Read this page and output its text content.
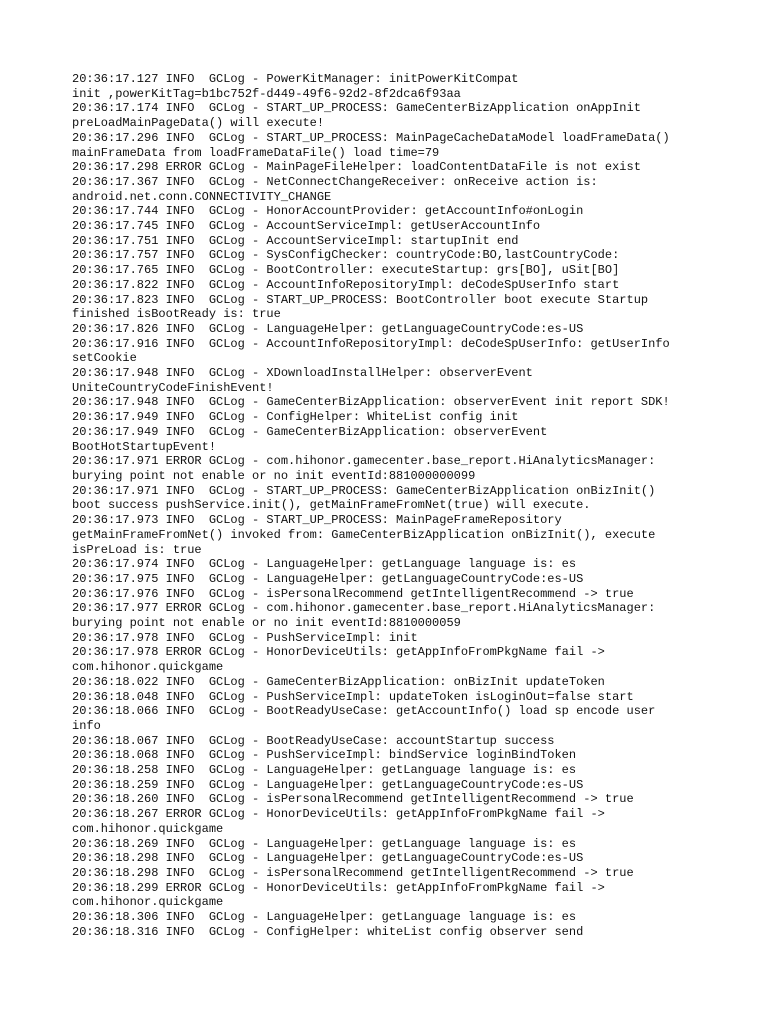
20:36:17.127 INFO  GCLog - PowerKitManager: initPowerKitCompat
init ,powerKitTag=b1bc752f-d449-49f6-92d2-8f2dca6f93aa
20:36:17.174 INFO  GCLog - START_UP_PROCESS: GameCenterBizApplication onAppInit
preLoadMainPageData() will execute!
20:36:17.296 INFO  GCLog - START_UP_PROCESS: MainPageCacheDataModel loadFrameData()
mainFrameData from loadFrameDataFile() load time=79
20:36:17.298 ERROR GCLog - MainPageFileHelper: loadContentDataFile is not exist
20:36:17.367 INFO  GCLog - NetConnectChangeReceiver: onReceive action is:
android.net.conn.CONNECTIVITY_CHANGE
20:36:17.744 INFO  GCLog - HonorAccountProvider: getAccountInfo#onLogin
20:36:17.745 INFO  GCLog - AccountServiceImpl: getUserAccountInfo
20:36:17.751 INFO  GCLog - AccountServiceImpl: startupInit end
20:36:17.757 INFO  GCLog - SysConfigChecker: countryCode:BO,lastCountryCode:
20:36:17.765 INFO  GCLog - BootController: executeStartup: grs[BO], uSit[BO]
20:36:17.822 INFO  GCLog - AccountInfoRepositoryImpl: deCodeSpUserInfo start
20:36:17.823 INFO  GCLog - START_UP_PROCESS: BootController boot execute Startup
finished isBootReady is: true
20:36:17.826 INFO  GCLog - LanguageHelper: getLanguageCountryCode:es-US
20:36:17.916 INFO  GCLog - AccountInfoRepositoryImpl: deCodeSpUserInfo: getUserInfo
setCookie
20:36:17.948 INFO  GCLog - XDownloadInstallHelper: observerEvent
UniteCountryCodeFinishEvent!
20:36:17.948 INFO  GCLog - GameCenterBizApplication: observerEvent init report SDK!
20:36:17.949 INFO  GCLog - ConfigHelper: WhiteList config init
20:36:17.949 INFO  GCLog - GameCenterBizApplication: observerEvent
BootHotStartupEvent!
20:36:17.971 ERROR GCLog - com.hihonor.gamecenter.base_report.HiAnalyticsManager:
burying point not enable or no init eventId:881000000099
20:36:17.971 INFO  GCLog - START_UP_PROCESS: GameCenterBizApplication onBizInit()
boot success pushService.init(), getMainFrameFromNet(true) will execute.
20:36:17.973 INFO  GCLog - START_UP_PROCESS: MainPageFrameRepository
getMainFrameFromNet() invoked from: GameCenterBizApplication onBizInit(), execute
isPreLoad is: true
20:36:17.974 INFO  GCLog - LanguageHelper: getLanguage language is: es
20:36:17.975 INFO  GCLog - LanguageHelper: getLanguageCountryCode:es-US
20:36:17.976 INFO  GCLog - isPersonalRecommend getIntelligentRecommend -> true
20:36:17.977 ERROR GCLog - com.hihonor.gamecenter.base_report.HiAnalyticsManager:
burying point not enable or no init eventId:8810000059
20:36:17.978 INFO  GCLog - PushServiceImpl: init
20:36:17.978 ERROR GCLog - HonorDeviceUtils: getAppInfoFromPkgName fail ->
com.hihonor.quickgame
20:36:18.022 INFO  GCLog - GameCenterBizApplication: onBizInit updateToken
20:36:18.048 INFO  GCLog - PushServiceImpl: updateToken isLoginOut=false start
20:36:18.066 INFO  GCLog - BootReadyUseCase: getAccountInfo() load sp encode user
info
20:36:18.067 INFO  GCLog - BootReadyUseCase: accountStartup success
20:36:18.068 INFO  GCLog - PushServiceImpl: bindService loginBindToken
20:36:18.258 INFO  GCLog - LanguageHelper: getLanguage language is: es
20:36:18.259 INFO  GCLog - LanguageHelper: getLanguageCountryCode:es-US
20:36:18.260 INFO  GCLog - isPersonalRecommend getIntelligentRecommend -> true
20:36:18.267 ERROR GCLog - HonorDeviceUtils: getAppInfoFromPkgName fail ->
com.hihonor.quickgame
20:36:18.269 INFO  GCLog - LanguageHelper: getLanguage language is: es
20:36:18.298 INFO  GCLog - LanguageHelper: getLanguageCountryCode:es-US
20:36:18.298 INFO  GCLog - isPersonalRecommend getIntelligentRecommend -> true
20:36:18.299 ERROR GCLog - HonorDeviceUtils: getAppInfoFromPkgName fail ->
com.hihonor.quickgame
20:36:18.306 INFO  GCLog - LanguageHelper: getLanguage language is: es
20:36:18.316 INFO  GCLog - ConfigHelper: whiteList config observer send
